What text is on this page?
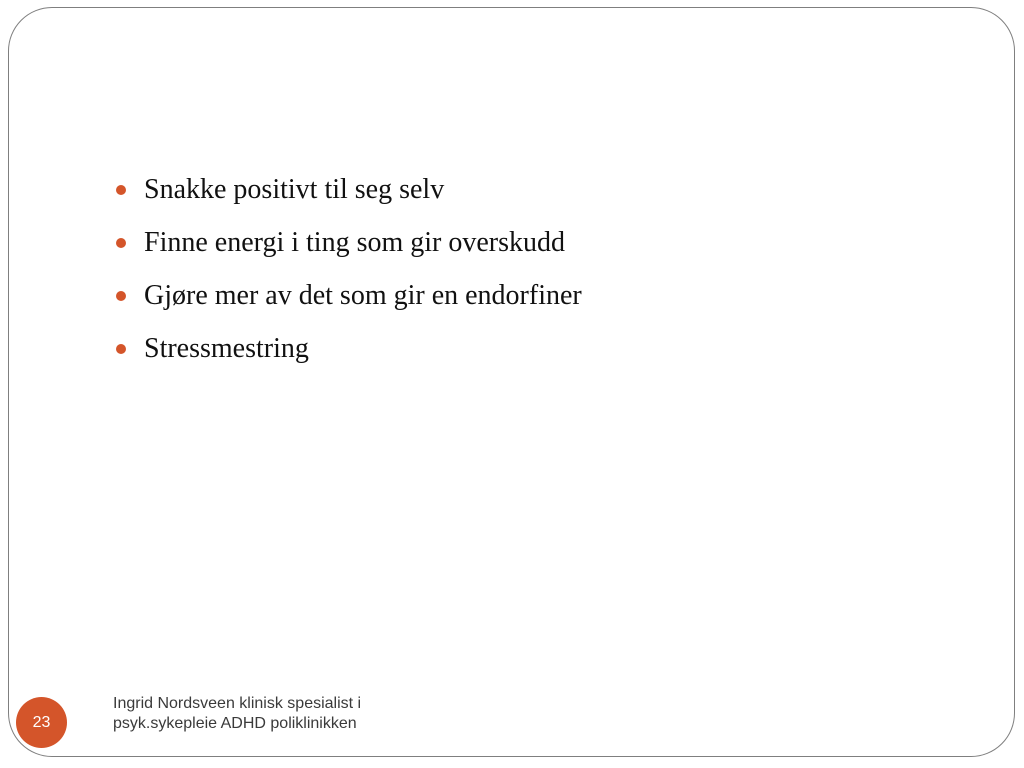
Snakke positivt til seg selv
Finne energi i ting som gir overskudd
Gjøre mer av det som gir en endorfiner
Stressmestring
23
Ingrid Nordsveen klinisk spesialist i
psyk.sykepleie ADHD poliklinikken
